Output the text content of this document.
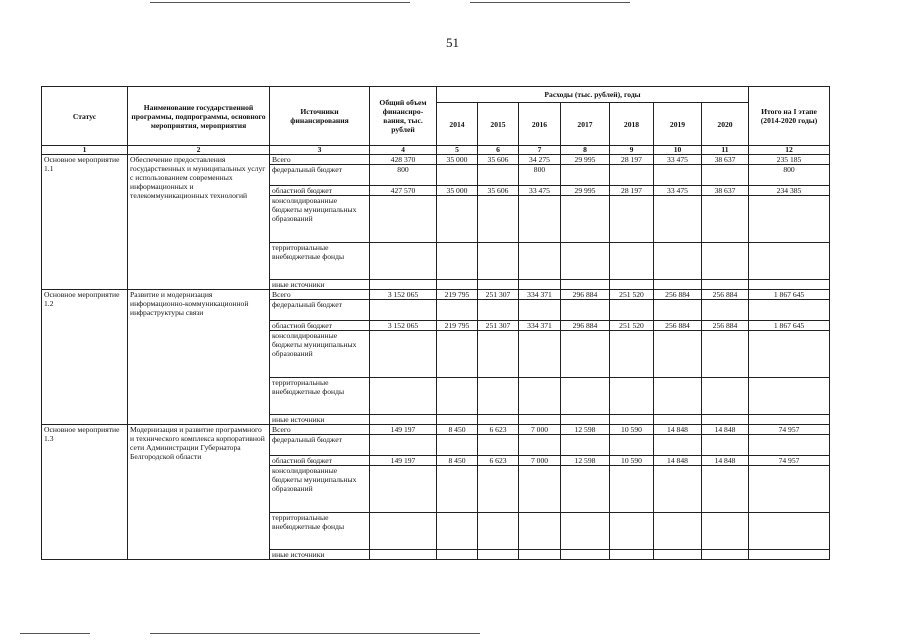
51
Статус	Наименование государственной программы, подпрограммы, основного мероприятия, мероприятия	Источники финансирования	Общий объем финансиро-вания, тыс. рублей	Расходы (тыс. рублей), годы							Итого на I этапе (2014-2020 годы)
				2014	2015	2016	2017	2018	2019	2020	
1	2	3	4	5	6	7	8	9	10	11	12
Основное мероприятие 1.1	Обеспечение предоставления государственных и муниципальных услуг с использованием современных информационных и телекоммуникационных технологий	Всего	428 370	35 000	35 606	34 275	29 995	28 197	33 475	38 637	235 185
		федеральный бюджет	800			800					800
		областной бюджет	427 570	35 000	35 606	33 475	29 995	28 197	33 475	38 637	234 385
		консолидированные бюджеты муниципальных образований									
		территориальные внебюджетные фонды									
		иные источники									
Основное мероприятие 1.2	Развитие и модернизация информационно-коммуникационной инфраструктуры связи	Всего	3 152 065	219 795	251 307	334 371	296 884	251 520	256 884	256 884	1 867 645
		федеральный бюджет									
		областной бюджет	3 152 065	219 795	251 307	334 371	296 884	251 520	256 884	256 884	1 867 645
		консолидированные бюджеты муниципальных образований									
		территориальные внебюджетные фонды									
		иные источники									
Основное мероприятие 1.3	Модернизация и развитие программного и технического комплекса корпоративной сети Администрации Губернатора Белгородской области	Всего	149 197	8 450	6 623	7 000	12 598	10 590	14 848	14 848	74 957
		федеральный бюджет									
		областной бюджет	149 197	8 450	6 623	7 000	12 598	10 590	14 848	14 848	74 957
		консолидированные бюджеты муниципальных образований									
		территориальные внебюджетные фонды									
		иные источники									
